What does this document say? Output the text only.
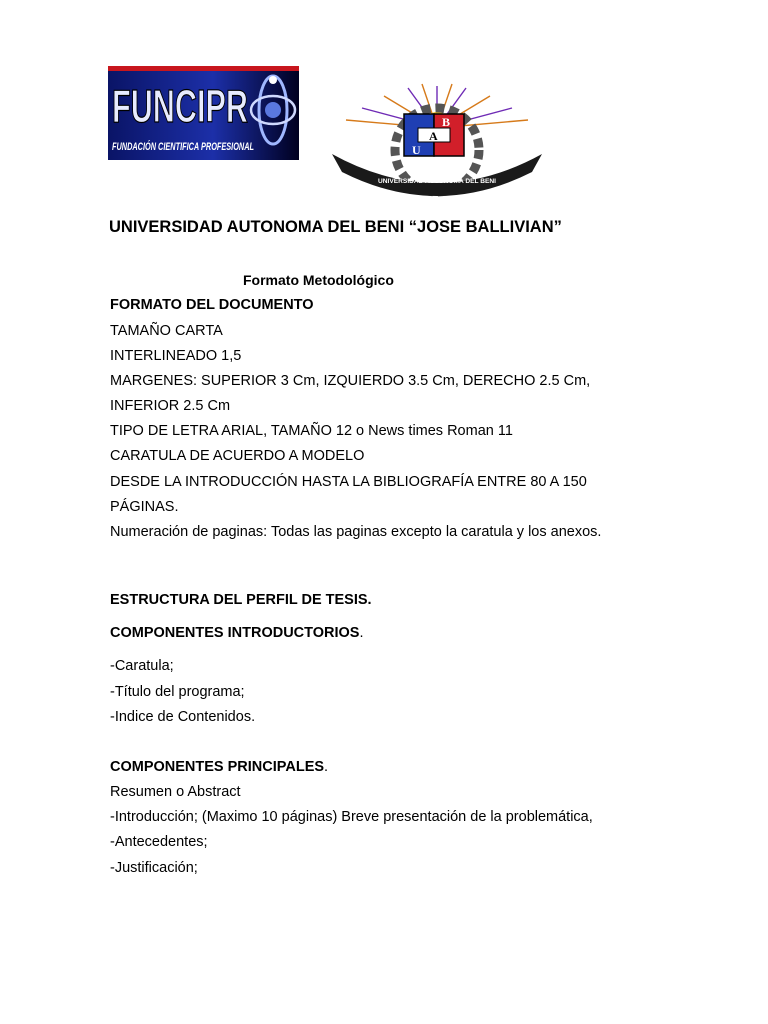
FUNCIPR
FUNDACIÓN CIENTIFICA PROFESIONAL
UNIVERSIDAD AUTONOMA DEL BENI
B
A
U
UNIVERSIDAD AUTONOMA DEL BENI “JOSE BALLIVIAN”
Formato Metodológico
FORMATO DEL DOCUMENTO
TAMAÑO CARTA
INTERLINEADO 1,5
MARGENES: SUPERIOR 3 Cm, IZQUIERDO 3.5 Cm, DERECHO 2.5 Cm,
INFERIOR 2.5 Cm
TIPO DE LETRA ARIAL, TAMAÑO 12 o News times Roman 11
CARATULA DE ACUERDO A MODELO
DESDE LA INTRODUCCIÓN HASTA LA BIBLIOGRAFÍA ENTRE 80 A 150
PÁGINAS.
Numeración de paginas: Todas las paginas excepto la caratula y los anexos.
ESTRUCTURA DEL PERFIL DE TESIS.
COMPONENTES INTRODUCTORIOS.
-Caratula;
-Título del programa;
-Indice de Contenidos.
COMPONENTES PRINCIPALES.
Resumen o Abstract
-Introducción; (Maximo 10 páginas) Breve presentación de la problemática,
-Antecedentes;
-Justificación;
